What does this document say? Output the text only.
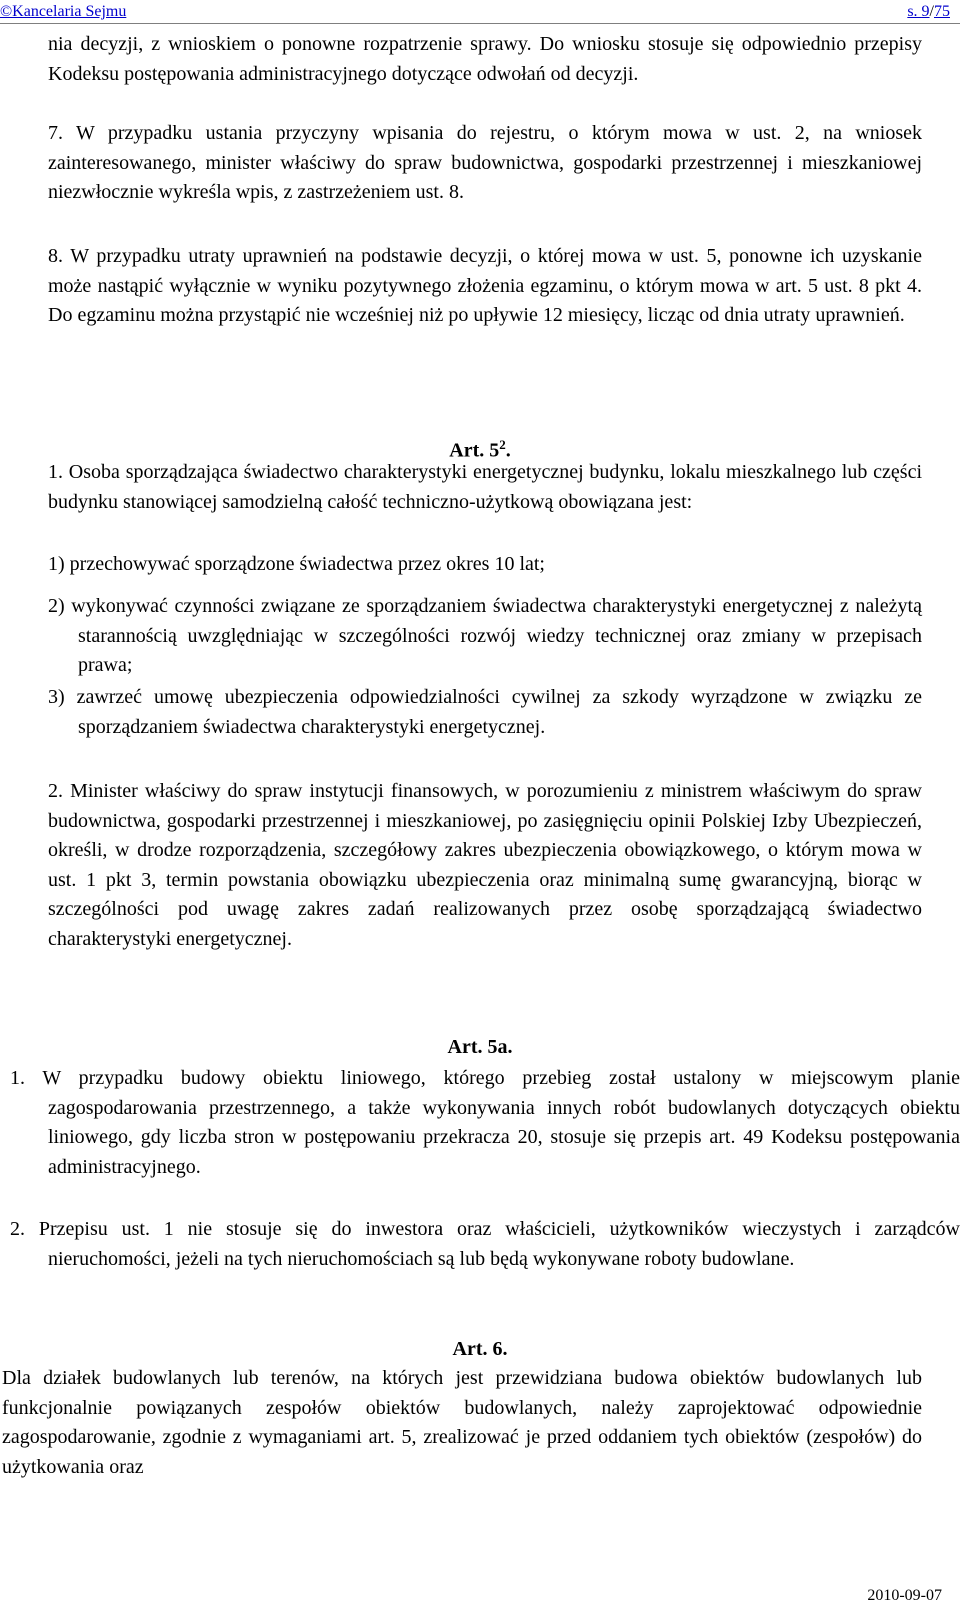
©Kancelaria Sejmu	s. 9/75

nia decyzji, z wnioskiem o ponowne rozpatrzenie sprawy. Do wniosku stosuje się odpowiednio przepisy Kodeksu postępowania administracyjnego dotyczące odwołań od decyzji.

7. W przypadku ustania przyczyny wpisania do rejestru, o którym mowa w ust. 2, na wniosek zainteresowanego, minister właściwy do spraw budownictwa, gospodarki przestrzennej i mieszkaniowej niezwłocznie wykreśla wpis, z zastrzeżeniem ust. 8.

8. W przypadku utraty uprawnień na podstawie decyzji, o której mowa w ust. 5, ponowne ich uzyskanie może nastąpić wyłącznie w wyniku pozytywnego złożenia egzaminu, o którym mowa w art. 5 ust. 8 pkt 4. Do egzaminu można przystąpić nie wcześniej niż po upływie 12 miesięcy, licząc od dnia utraty uprawnień.

Art. $5^2$.

1. Osoba sporządzająca świadectwo charakterystyki energetycznej budynku, lokalu mieszkalnego lub części budynku stanowiącej samodzielną całość techniczno-użytkową obowiązana jest:

1) przechowywać sporządzone świadectwa przez okres 10 lat;

2) wykonywać czynności związane ze sporządzaniem świadectwa charakterystyki energetycznej z należytą starannością uwzględniając w szczególności rozwój wiedzy technicznej oraz zmiany w przepisach prawa;

3) zawrzeć umowę ubezpieczenia odpowiedzialności cywilnej za szkody wyrządzone w związku ze sporządzaniem świadectwa charakterystyki energetycznej.

2. Minister właściwy do spraw instytucji finansowych, w porozumieniu z ministrem właściwym do spraw budownictwa, gospodarki przestrzennej i mieszkaniowej, po zasięgnięciu opinii Polskiej Izby Ubezpieczeń, określi, w drodze rozporządzenia, szczegółowy zakres ubezpieczenia obowiązkowego, o którym mowa w ust. 1 pkt 3, termin powstania obowiązku ubezpieczenia oraz minimalną sumę gwarancyjną, biorąc w szczególności pod uwagę zakres zadań realizowanych przez osobę sporządzającą świadectwo charakterystyki energetycznej.

Art. 5a.

1. W przypadku budowy obiektu liniowego, którego przebieg został ustalony w miejscowym planie zagospodarowania przestrzennego, a także wykonywania innych robót budowlanych dotyczących obiektu liniowego, gdy liczba stron w postępowaniu przekracza 20, stosuje się przepis art. 49 Kodeksu postępowania administracyjnego.

2. Przepisu ust. 1 nie stosuje się do inwestora oraz właścicieli, użytkowników wieczystych i zarządców nieruchomości, jeżeli na tych nieruchomościach są lub będą wykonywane roboty budowlane.

Art. 6.

Dla działek budowlanych lub terenów, na których jest przewidziana budowa obiektów budowlanych lub funkcjonalnie powiązanych zespołów obiektów budowlanych, należy zaprojektować odpowiednie zagospodarowanie, zgodnie z wymaganiami art. 5, zrealizować je przed oddaniem tych obiektów (zespołów) do użytkowania oraz

2010-09-07
